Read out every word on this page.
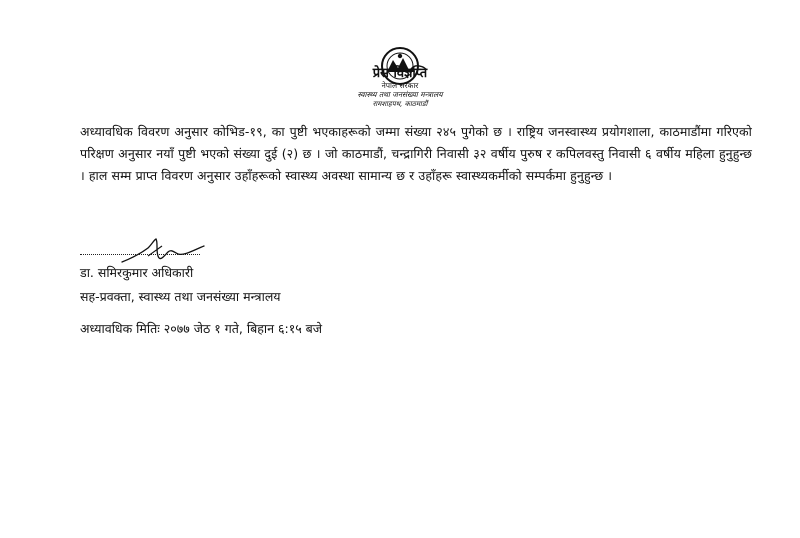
प्रेस विज्ञप्ति
नेपाल सरकार
स्वास्थ्य तथा जनसंख्या मन्त्रालय
रामशाहपथ, काठमाडौं
अध्यावधिक विवरण अनुसार कोभिड-१९, का पुष्टी भएकाहरूको जम्मा संख्या २४५ पुगेको छ । राष्ट्रिय जनस्वास्थ्य प्रयोगशाला, काठमाडौंमा गरिएको परिक्षण अनुसार नयाँ पुष्टी भएको संख्या दुई (२) छ । जो काठमाडौं, चन्द्रागिरी निवासी ३२ वर्षीय पुरुष र कपिलवस्तु निवासी ६ वर्षीय महिला हुनुहुन्छ । हाल सम्म प्राप्त विवरण अनुसार उहाँहरूको स्वास्थ्य अवस्था सामान्य छ र उहाँहरू स्वास्थ्यकर्मीको सम्पर्कमा हुनुहुन्छ ।
डा. समिरकुमार अधिकारी
सह-प्रवक्ता, स्वास्थ्य तथा जनसंख्या मन्त्रालय
अध्यावधिक मितिः २०७७ जेठ १ गते, बिहान ६:१५ बजे
